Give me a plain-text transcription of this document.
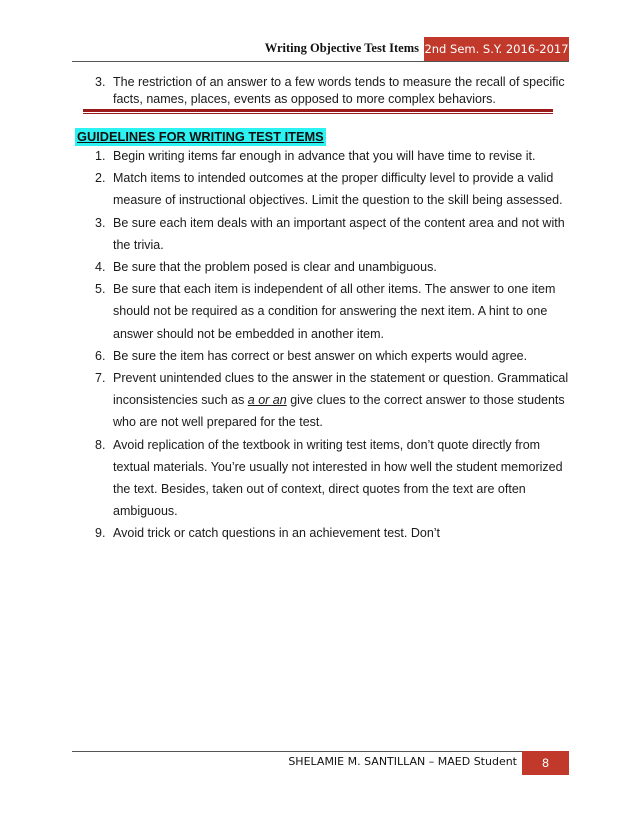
Writing Objective Test Items 2nd Sem. S.Y. 2016-2017
3. The restriction of an answer to a few words tends to measure the recall of specific facts, names, places, events as opposed to more complex behaviors.
GUIDELINES FOR WRITING TEST ITEMS
1. Begin writing items far enough in advance that you will have time to revise it.
2. Match items to intended outcomes at the proper difficulty level to provide a valid measure of instructional objectives. Limit the question to the skill being assessed.
3. Be sure each item deals with an important aspect of the content area and not with the trivia.
4. Be sure that the problem posed is clear and unambiguous.
5. Be sure that each item is independent of all other items. The answer to one item should not be required as a condition for answering the next item. A hint to one answer should not be embedded in another item.
6. Be sure the item has correct or best answer on which experts would agree.
7. Prevent unintended clues to the answer in the statement or question. Grammatical inconsistencies such as a or an give clues to the correct answer to those students who are not well prepared for the test.
8. Avoid replication of the textbook in writing test items, don’t quote directly from textual materials. You’re usually not interested in how well the student memorized the text. Besides, taken out of context, direct quotes from the text are often ambiguous.
9. Avoid trick or catch questions in an achievement test. Don’t
SHELAMIE M. SANTILLAN – MAED Student	8
